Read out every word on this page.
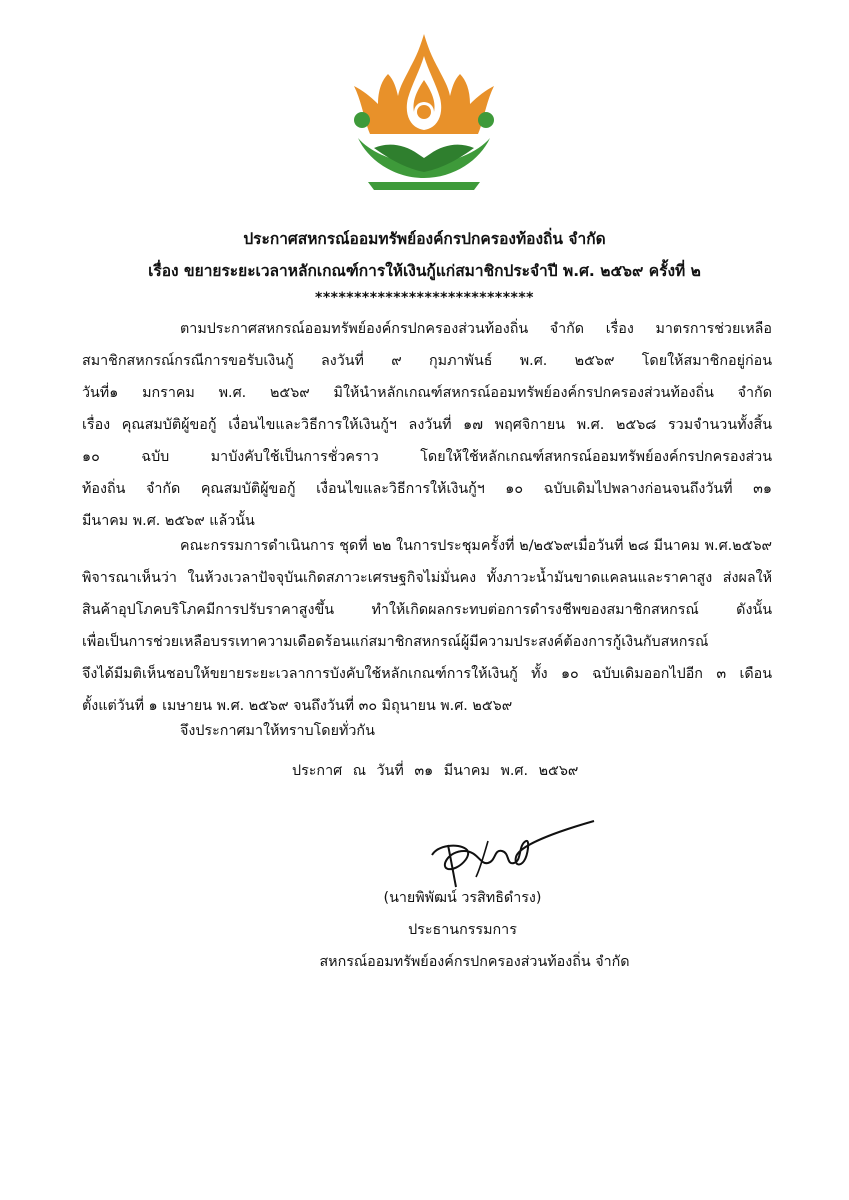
ประกาศสหกรณ์ออมทรัพย์องค์กรปกครองท้องถิ่น จำกัด
เรื่อง ขยายระยะเวลาหลักเกณฑ์การให้เงินกู้แก่สมาชิกประจำปี พ.ศ. ๒๕๖๙ ครั้งที่ ๒
****************************
ตามประกาศสหกรณ์ออมทรัพย์องค์กรปกครองส่วนท้องถิ่น จำกัด เรื่อง มาตรการช่วยเหลือ
สมาชิกสหกรณ์กรณีการขอรับเงินกู้ ลงวันที่ ๙ กุมภาพันธ์ พ.ศ. ๒๕๖๙ โดยให้สมาชิกอยู่ก่อน
วันที่๑ มกราคม พ.ศ. ๒๕๖๙ มิให้นำหลักเกณฑ์สหกรณ์ออมทรัพย์องค์กรปกครองส่วนท้องถิ่น จำกัด
เรื่อง คุณสมบัติผู้ขอกู้ เงื่อนไขและวิธีการให้เงินกู้ฯ ลงวันที่ ๑๗ พฤศจิกายน พ.ศ. ๒๕๖๘ รวมจำนวนทั้งสิ้น
๑๐ ฉบับ มาบังคับใช้เป็นการชั่วคราว โดยให้ใช้หลักเกณฑ์สหกรณ์ออมทรัพย์องค์กรปกครองส่วน
ท้องถิ่น จำกัด คุณสมบัติผู้ขอกู้ เงื่อนไขและวิธีการให้เงินกู้ฯ ๑๐ ฉบับเดิมไปพลางก่อนจนถึงวันที่ ๓๑
มีนาคม พ.ศ. ๒๕๖๙ แล้วนั้น
คณะกรรมการดำเนินการ ชุดที่ ๒๒ ในการประชุมครั้งที่ ๒/๒๕๖๙เมื่อวันที่ ๒๘ มีนาคม พ.ศ.๒๕๖๙
พิจารณาเห็นว่า ในห้วงเวลาปัจจุบันเกิดสภาวะเศรษฐกิจไม่มั่นคง ทั้งภาวะน้ำมันขาดแคลนและราคาสูง ส่งผลให้
สินค้าอุปโภคบริโภคมีการปรับราคาสูงขึ้น ทำให้เกิดผลกระทบต่อการดำรงชีพของสมาชิกสหกรณ์ ดังนั้น
เพื่อเป็นการช่วยเหลือบรรเทาความเดือดร้อนแก่สมาชิกสหกรณ์ผู้มีความประสงค์ต้องการกู้เงินกับสหกรณ์
จึงได้มีมติเห็นชอบให้ขยายระยะเวลาการบังคับใช้หลักเกณฑ์การให้เงินกู้ ทั้ง ๑๐ ฉบับเดิมออกไปอีก ๓ เดือน
ตั้งแต่วันที่ ๑ เมษายน พ.ศ. ๒๕๖๙ จนถึงวันที่ ๓๐ มิถุนายน พ.ศ. ๒๕๖๙
จึงประกาศมาให้ทราบโดยทั่วกัน
ประกาศ ณ วันที่ ๓๑ มีนาคม พ.ศ. ๒๕๖๙
(นายพิพัฒน์ วรสิทธิดำรง)
ประธานกรรมการ
สหกรณ์ออมทรัพย์องค์กรปกครองส่วนท้องถิ่น จำกัด
